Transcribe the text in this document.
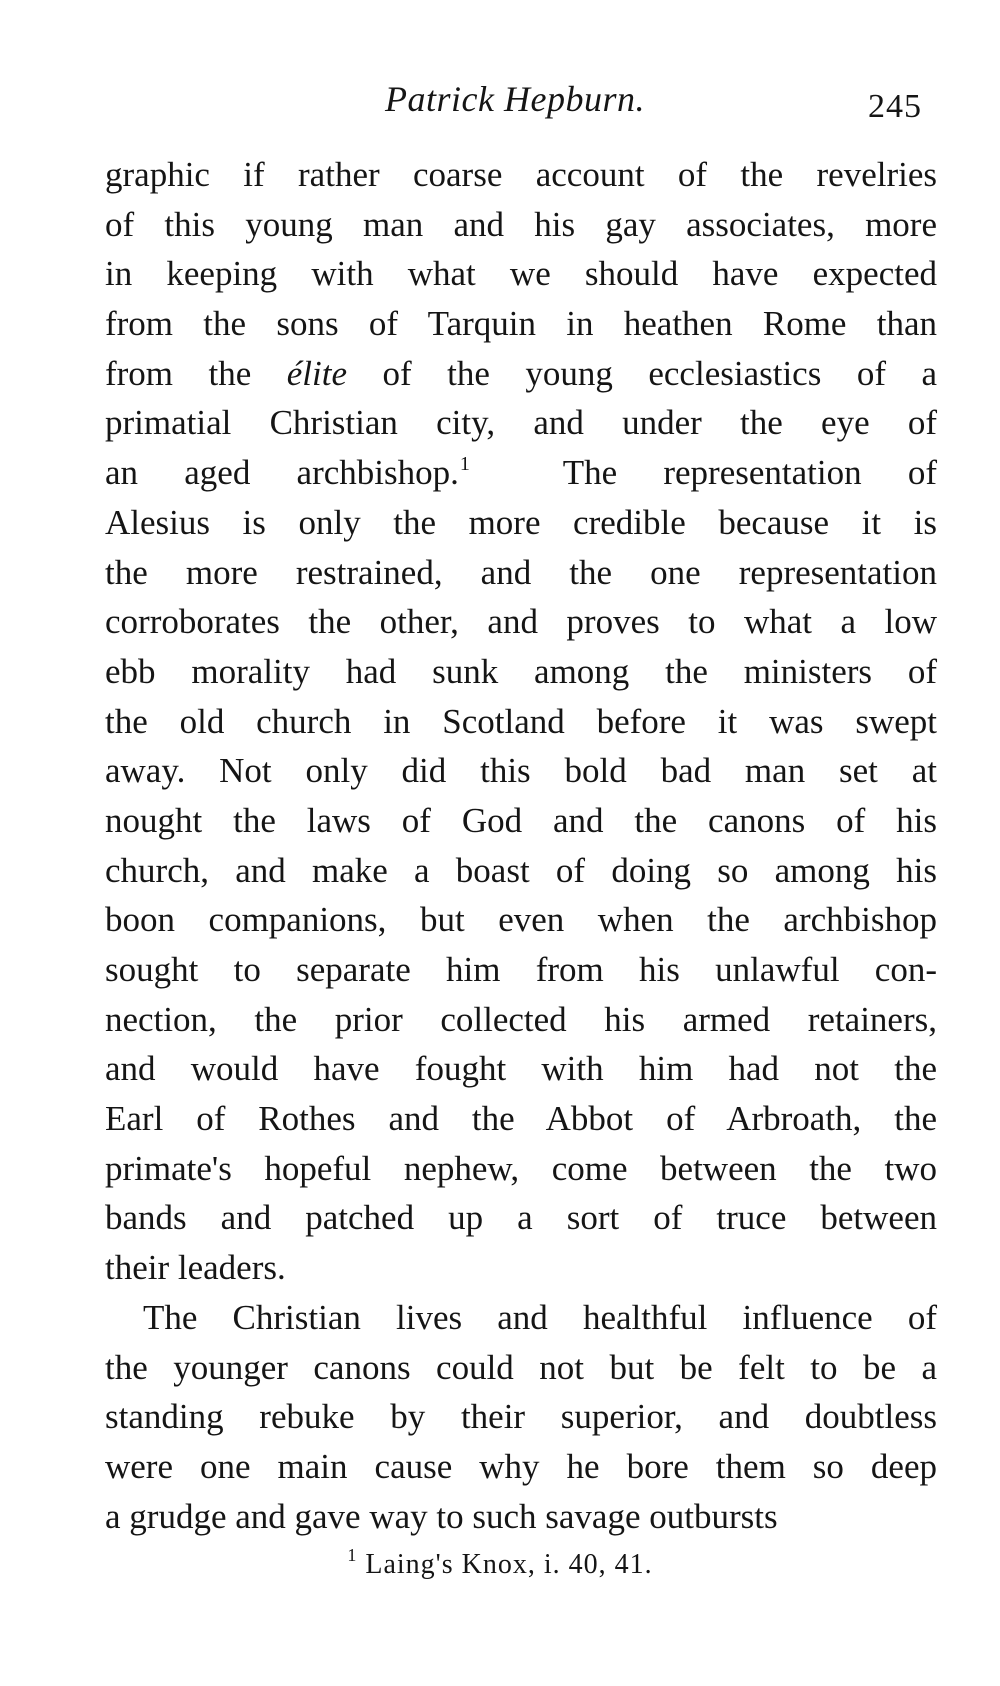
Patrick Hepburn.	245
graphic if rather coarse account of the revelries
of this young man and his gay associates, more
in keeping with what we should have expected
from the sons of Tarquin in heathen Rome than
from the élite of the young ecclesiastics of a
primatial Christian city, and under the eye of
an aged archbishop.$^1$  The representation of
Alesius is only the more credible because it is
the more restrained, and the one representation
corroborates the other, and proves to what a low
ebb morality had sunk among the ministers of
the old church in Scotland before it was swept
away. Not only did this bold bad man set at
nought the laws of God and the canons of his
church, and make a boast of doing so among his
boon companions, but even when the archbishop
sought to separate him from his unlawful con-
nection, the prior collected his armed retainers,
and would have fought with him had not the
Earl of Rothes and the Abbot of Arbroath, the
primate's hopeful nephew, come between the two
bands and patched up a sort of truce between
their leaders.
The Christian lives and healthful influence of
the younger canons could not but be felt to be a
standing rebuke by their superior, and doubtless
were one main cause why he bore them so deep
a grudge and gave way to such savage outbursts
$^1$ Laing's Knox, i. 40, 41.
